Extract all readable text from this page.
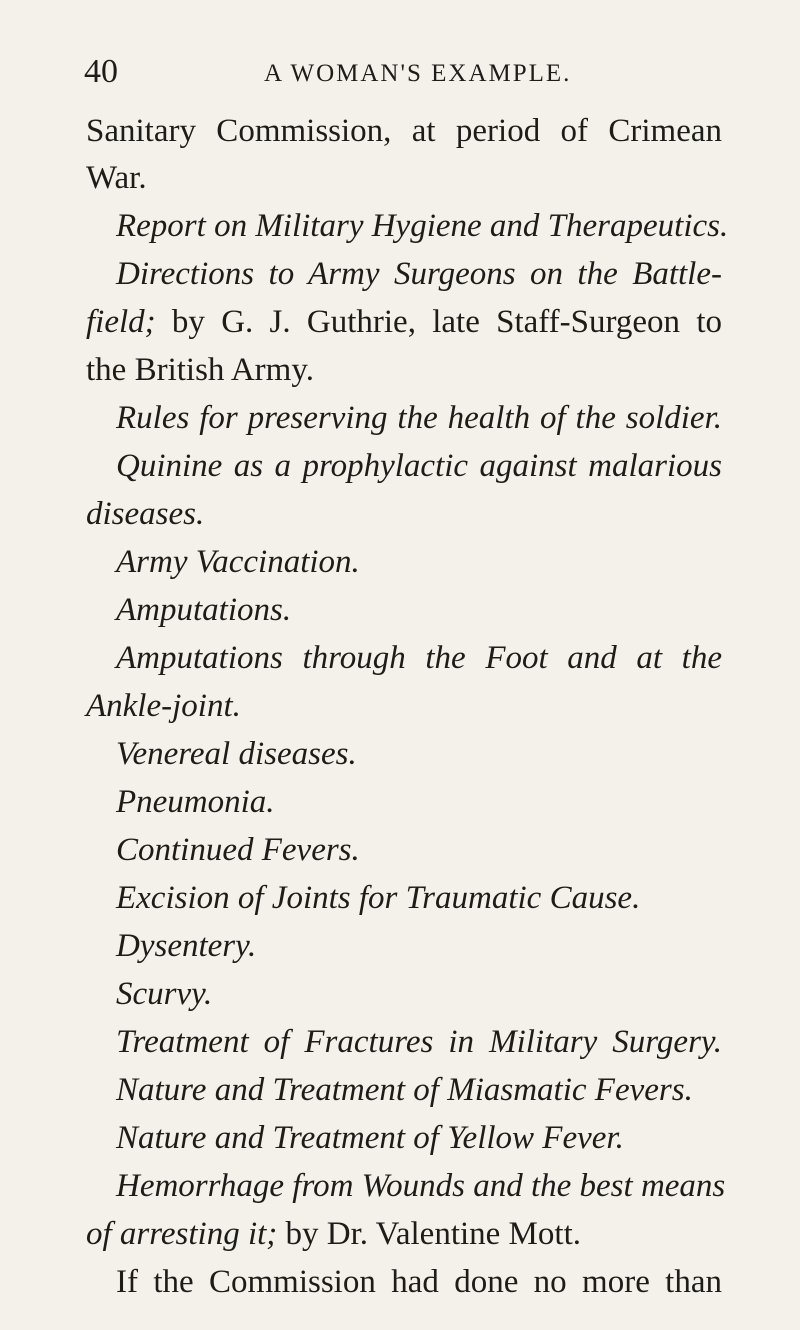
40	A WOMAN'S EXAMPLE.
Sanitary Commission, at period of Crimean
War.
Report on Military Hygiene and Therapeutics.
Directions to Army Surgeons on the Battle-
field; by G. J. Guthrie, late Staff-Surgeon to
the British Army.
Rules for preserving the health of the soldier.
Quinine as a prophylactic against malarious
diseases.
Army Vaccination.
Amputations.
Amputations through the Foot and at the
Ankle-joint.
Venereal diseases.
Pneumonia.
Continued Fevers.
Excision of Joints for Traumatic Cause.
Dysentery.
Scurvy.
Treatment of Fractures in Military Surgery.
Nature and Treatment of Miasmatic Fevers.
Nature and Treatment of Yellow Fever.
Hemorrhage from Wounds and the best means
of arresting it; by Dr. Valentine Mott.
If the Commission had done no more than
